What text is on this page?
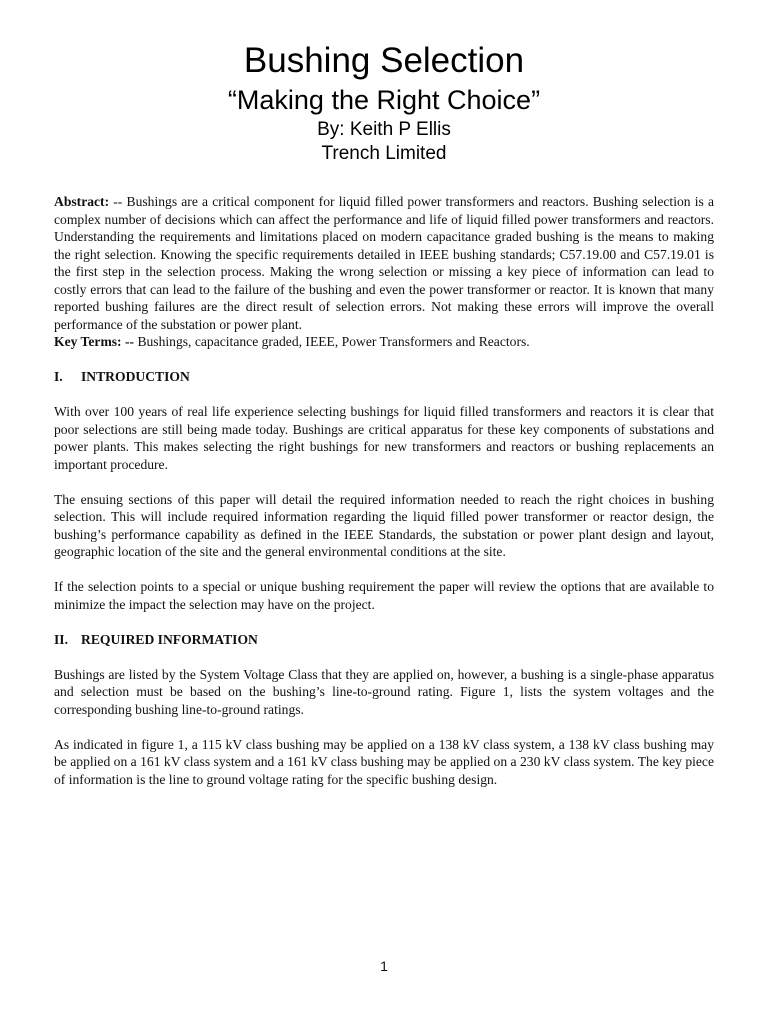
Bushing Selection
“Making the Right Choice”
By: Keith P Ellis
Trench Limited

Abstract: -- Bushings are a critical component for liquid filled power transformers and reactors. Bushing selection is a complex number of decisions which can affect the performance and life of liquid filled power transformers and reactors. Understanding the requirements and limitations placed on modern capacitance graded bushing is the means to making the right selection. Knowing the specific requirements detailed in IEEE bushing standards; C57.19.00 and C57.19.01 is the first step in the selection process. Making the wrong selection or missing a key piece of information can lead to costly errors that can lead to the failure of the bushing and even the power transformer or reactor. It is known that many reported bushing failures are the direct result of selection errors. Not making these errors will improve the overall performance of the substation or power plant.

Key Terms: -- Bushings, capacitance graded, IEEE, Power Transformers and Reactors.

I. INTRODUCTION

With over 100 years of real life experience selecting bushings for liquid filled transformers and reactors it is clear that poor selections are still being made today. Bushings are critical apparatus for these key components of substations and power plants. This makes selecting the right bushings for new transformers and reactors or bushing replacements an important procedure.

The ensuing sections of this paper will detail the required information needed to reach the right choices in bushing selection. This will include required information regarding the liquid filled power transformer or reactor design, the bushing’s performance capability as defined in the IEEE Standards, the substation or power plant design and layout, geographic location of the site and the general environmental conditions at the site.

If the selection points to a special or unique bushing requirement the paper will review the options that are available to minimize the impact the selection may have on the project.

II. REQUIRED INFORMATION

Bushings are listed by the System Voltage Class that they are applied on, however, a bushing is a single-phase apparatus and selection must be based on the bushing’s line-to-ground rating. Figure 1, lists the system voltages and the corresponding bushing line-to-ground ratings.

As indicated in figure 1, a 115 kV class bushing may be applied on a 138 kV class system, a 138 kV class bushing may be applied on a 161 kV class system and a 161 kV class bushing may be applied on a 230 kV class system. The key piece of information is the line to ground voltage rating for the specific bushing design.

1
